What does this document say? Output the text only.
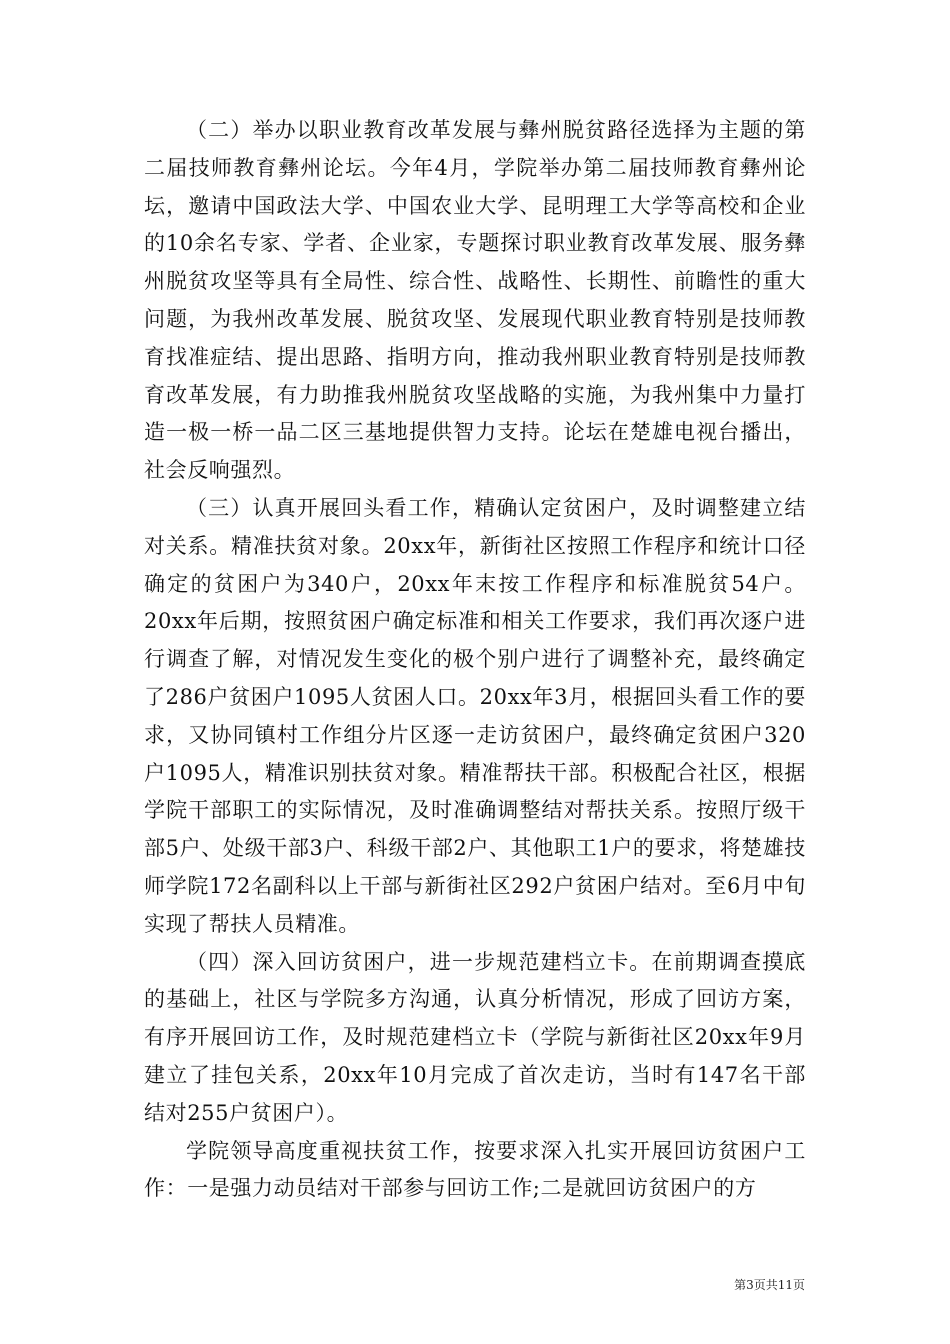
（二）举办以职业教育改革发展与彝州脱贫路径选择为主题的第二届技师教育彝州论坛。今年4月，学院举办第二届技师教育彝州论坛，邀请中国政法大学、中国农业大学、昆明理工大学等高校和企业的10余名专家、学者、企业家，专题探讨职业教育改革发展、服务彝州脱贫攻坚等具有全局性、综合性、战略性、长期性、前瞻性的重大问题，为我州改革发展、脱贫攻坚、发展现代职业教育特别是技师教育找准症结、提出思路、指明方向，推动我州职业教育特别是技师教育改革发展，有力助推我州脱贫攻坚战略的实施，为我州集中力量打造一极一桥一品二区三基地提供智力支持。论坛在楚雄电视台播出，社会反响强烈。

（三）认真开展回头看工作，精确认定贫困户，及时调整建立结对关系。精准扶贫对象。20xx年，新街社区按照工作程序和统计口径确定的贫困户为340户，20xx年末按工作程序和标准脱贫54户。20xx年后期，按照贫困户确定标准和相关工作要求，我们再次逐户进行调查了解，对情况发生变化的极个别户进行了调整补充，最终确定了286户贫困户1095人贫困人口。20xx年3月，根据回头看工作的要求，又协同镇村工作组分片区逐一走访贫困户，最终确定贫困户320户1095人，精准识别扶贫对象。精准帮扶干部。积极配合社区，根据学院干部职工的实际情况，及时准确调整结对帮扶关系。按照厅级干部5户、处级干部3户、科级干部2户、其他职工1户的要求，将楚雄技师学院172名副科以上干部与新街社区292户贫困户结对。至6月中旬实现了帮扶人员精准。

（四）深入回访贫困户，进一步规范建档立卡。在前期调查摸底的基础上，社区与学院多方沟通，认真分析情况，形成了回访方案，有序开展回访工作，及时规范建档立卡（学院与新街社区20xx年9月建立了挂包关系，20xx年10月完成了首次走访，当时有147名干部结对255户贫困户）。

学院领导高度重视扶贫工作，按要求深入扎实开展回访贫困户工作：一是强力动员结对干部参与回访工作;二是就回访贫困户的方

第3页共11页
